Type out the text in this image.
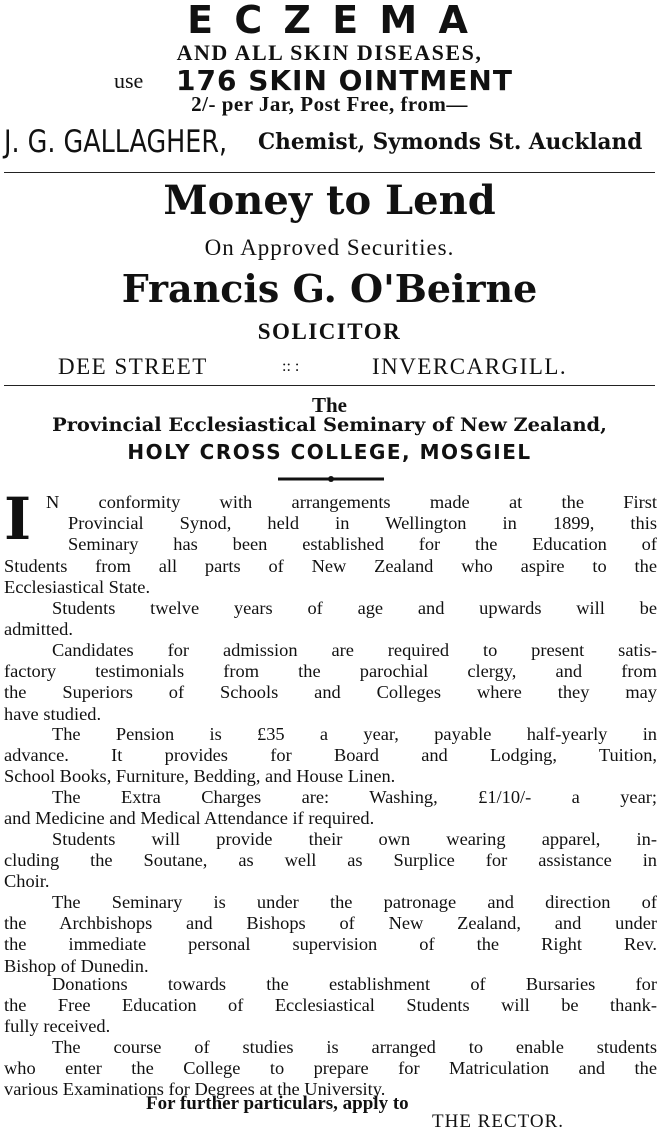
E C Z E M A
AND ALL SKIN DISEASES,
use 176 SKIN OINTMENT
2/- per Jar, Post Free, from—
J. G. GALLAGHER, Chemist, Symonds St. Auckland
Money to Lend
On Approved Securities.
Francis G. O'Beirne
SOLICITOR
DEE STREET	:: :	INVERCARGILL.
The
Provincial Ecclesiastical Seminary of New Zealand,
HOLY CROSS COLLEGE, MOSGIEL
I N conformity with arrangements made at the First
Provincial Synod, held in Wellington in 1899, this
Seminary has been established for the Education of
Students from all parts of New Zealand who aspire to the
Ecclesiastical State.
Students twelve years of age and upwards will be
admitted.
Candidates for admission are required to present satis-
factory testimonials from the parochial clergy, and from
the Superiors of Schools and Colleges where they may
have studied.
The Pension is £35 a year, payable half-yearly in
advance. It provides for Board and Lodging, Tuition,
School Books, Furniture, Bedding, and House Linen.
The Extra Charges are: Washing, £1/10/- a year;
and Medicine and Medical Attendance if required.
Students will provide their own wearing apparel, in-
cluding the Soutane, as well as Surplice for assistance in
Choir.
The Seminary is under the patronage and direction of
the Archbishops and Bishops of New Zealand, and under
the immediate personal supervision of the Right Rev.
Bishop of Dunedin.
Donations towards the establishment of Bursaries for
the Free Education of Ecclesiastical Students will be thank-
fully received.
The course of studies is arranged to enable students
who enter the College to prepare for Matriculation and the
various Examinations for Degrees at the University.
For further particulars, apply to
THE RECTOR.
